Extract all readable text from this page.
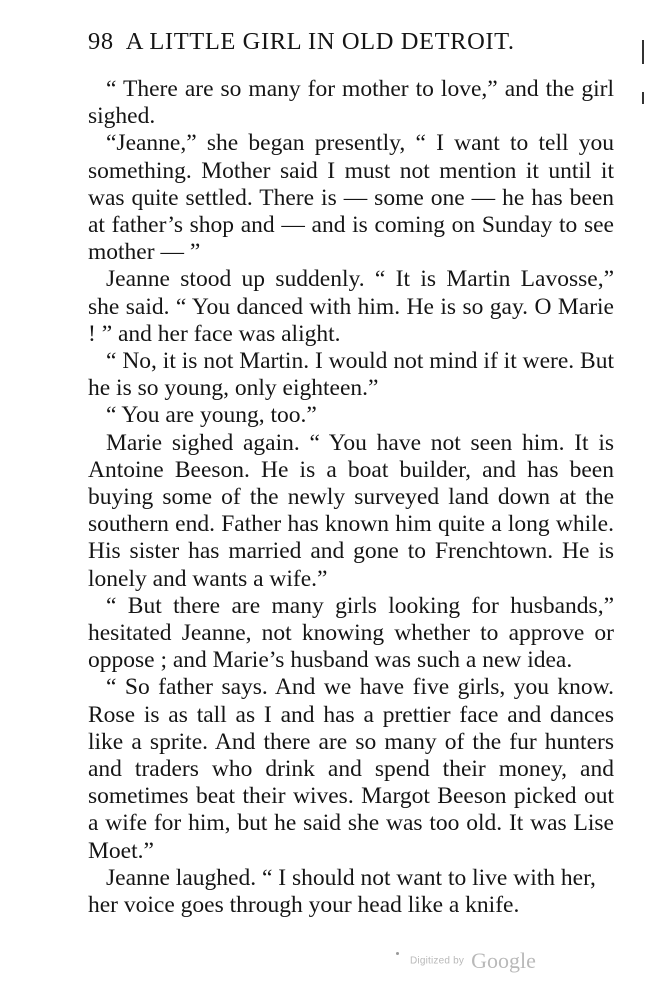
98 A LITTLE GIRL IN OLD DETROIT.

“ There are so many for mother to love,” and the girl sighed.

“Jeanne,” she began presently, “ I want to tell you something. Mother said I must not mention it until it was quite settled. There is — some one — he has been at father’s shop and — and is coming on Sunday to see mother — ”

Jeanne stood up suddenly. “ It is Martin Lavosse,” she said. “ You danced with him. He is so gay. O Marie ! ” and her face was alight.

“ No, it is not Martin. I would not mind if it were. But he is so young, only eighteen.”

“ You are young, too.”

Marie sighed again. “ You have not seen him. It is Antoine Beeson. He is a boat builder, and has been buying some of the newly surveyed land down at the southern end. Father has known him quite a long while. His sister has married and gone to Frenchtown. He is lonely and wants a wife.”

“ But there are many girls looking for husbands,” hesitated Jeanne, not knowing whether to approve or oppose ; and Marie’s husband was such a new idea.

“ So father says. And we have five girls, you know. Rose is as tall as I and has a prettier face and dances like a sprite. And there are so many of the fur hunters and traders who drink and spend their money, and sometimes beat their wives. Margot Beeson picked out a wife for him, but he said she was too old. It was Lise Moet.”

Jeanne laughed. “ I should not want to live with her, her voice goes through your head like a knife.

Digitized by Google
